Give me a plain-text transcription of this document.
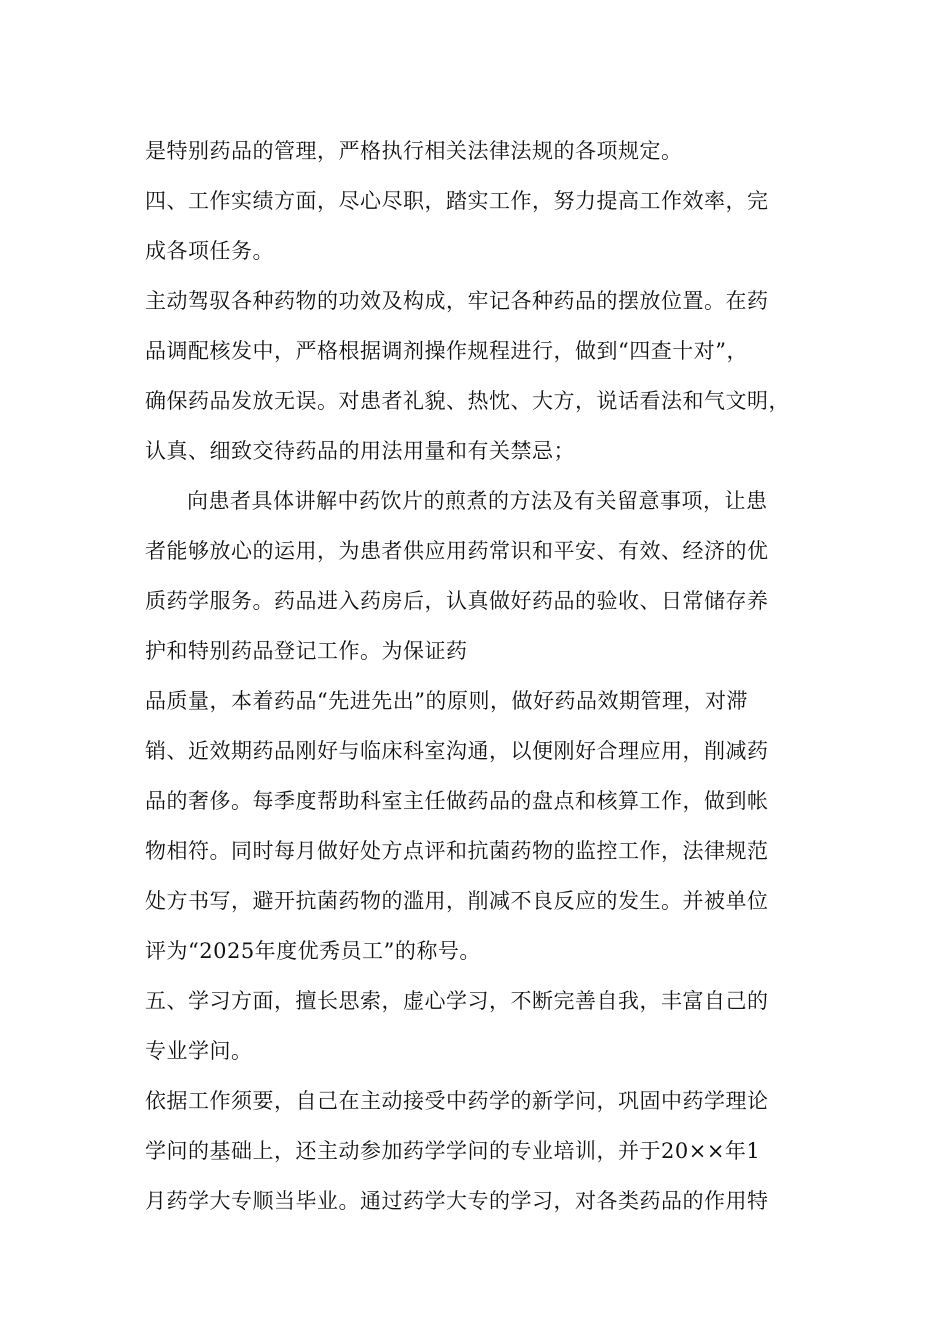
是特别药品的管理，严格执行相关法律法规的各项规定。
四、工作实绩方面，尽心尽职，踏实工作，努力提高工作效率，完
成各项任务。
主动驾驭各种药物的功效及构成，牢记各种药品的摆放位置。在药
品调配核发中，严格根据调剂操作规程进行，做到“四查十对”，
确保药品发放无误。对患者礼貌、热忱、大方，说话看法和气文明，
认真、细致交待药品的用法用量和有关禁忌；
向患者具体讲解中药饮片的煎煮的方法及有关留意事项，让患
者能够放心的运用，为患者供应用药常识和平安、有效、经济的优
质药学服务。药品进入药房后，认真做好药品的验收、日常储存养
护和特别药品登记工作。为保证药
品质量，本着药品“先进先出”的原则，做好药品效期管理，对滞
销、近效期药品刚好与临床科室沟通，以便刚好合理应用，削减药
品的奢侈。每季度帮助科室主任做药品的盘点和核算工作，做到帐
物相符。同时每月做好处方点评和抗菌药物的监控工作，法律规范
处方书写，避开抗菌药物的滥用，削减不良反应的发生。并被单位
评为“2025年度优秀员工”的称号。
五、学习方面，擅长思索，虚心学习，不断完善自我，丰富自己的
专业学问。
依据工作须要，自己在主动接受中药学的新学问，巩固中药学理论
学问的基础上，还主动参加药学学问的专业培训，并于20××年1
月药学大专顺当毕业。通过药学大专的学习，对各类药品的作用特
